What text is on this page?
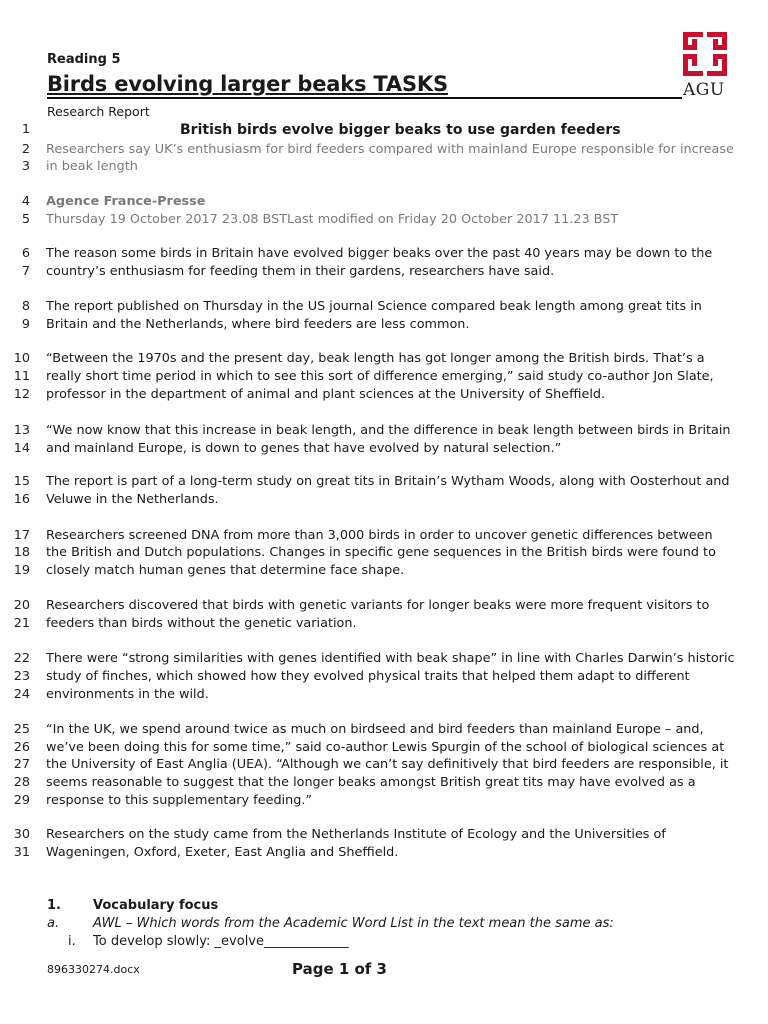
Reading 5
Birds evolving larger beaks TASKS
Research Report
AGU
1	British birds evolve bigger beaks to use garden feeders
2 Researchers say UK’s enthusiasm for bird feeders compared with mainland Europe responsible for increase
3 in beak length
4 Agence France-Presse
5 Thursday 19 October 2017 23.08 BSTLast modified on Friday 20 October 2017 11.23 BST
6 The reason some birds in Britain have evolved bigger beaks over the past 40 years may be down to the
7 country’s enthusiasm for feeding them in their gardens, researchers have said.
8 The report published on Thursday in the US journal Science compared beak length among great tits in
9 Britain and the Netherlands, where bird feeders are less common.
10 “Between the 1970s and the present day, beak length has got longer among the British birds. That’s a
11 really short time period in which to see this sort of difference emerging,” said study co-author Jon Slate,
12 professor in the department of animal and plant sciences at the University of Sheffield.
13 “We now know that this increase in beak length, and the difference in beak length between birds in Britain
14 and mainland Europe, is down to genes that have evolved by natural selection.”
15 The report is part of a long-term study on great tits in Britain’s Wytham Woods, along with Oosterhout and
16 Veluwe in the Netherlands.
17 Researchers screened DNA from more than 3,000 birds in order to uncover genetic differences between
18 the British and Dutch populations. Changes in specific gene sequences in the British birds were found to
19 closely match human genes that determine face shape.
20 Researchers discovered that birds with genetic variants for longer beaks were more frequent visitors to
21 feeders than birds without the genetic variation.
22 There were “strong similarities with genes identified with beak shape” in line with Charles Darwin’s historic
23 study of finches, which showed how they evolved physical traits that helped them adapt to different
24 environments in the wild.
25 “In the UK, we spend around twice as much on birdseed and bird feeders than mainland Europe – and,
26 we’ve been doing this for some time,” said co-author Lewis Spurgin of the school of biological sciences at
27 the University of East Anglia (UEA). “Although we can’t say definitively that bird feeders are responsible, it
28 seems reasonable to suggest that the longer beaks amongst British great tits may have evolved as a
29 response to this supplementary feeding.”
30 Researchers on the study came from the Netherlands Institute of Ecology and the Universities of
31 Wageningen, Oxford, Exeter, East Anglia and Sheffield.
1. Vocabulary focus
a.	AWL – Which words from the Academic Word List in the text mean the same as:
i. To develop slowly: _evolve_____________
896330274.docx	Page 1 of 3
